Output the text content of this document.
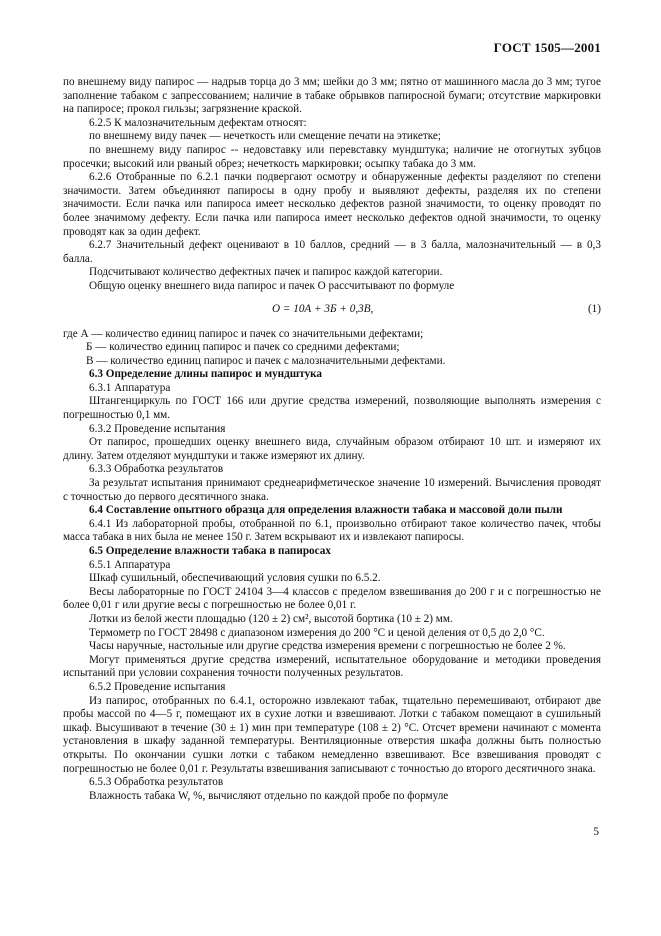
ГОСТ 1505—2001

по внешнему виду папирос — надрыв торца до 3 мм; шейки до 3 мм; пятно от машинного масла до 3 мм; тугое заполнение табаком с запрессованием; наличие в табаке обрывков папиросной бумаги; отсутствие маркировки на папиросе; прокол гильзы; загрязнение краской.

6.2.5 К малозначительным дефектам относят:

по внешнему виду пачек — нечеткость или смещение печати на этикетке;

по внешнему виду папирос -- недовставку или перевставку мундштука; наличие не отогнутых зубцов просечки; высокий или рваный обрез; нечеткость маркировки; осыпку табака до 3 мм.

6.2.6 Отобранные по 6.2.1 пачки подвергают осмотру и обнаруженные дефекты разделяют по степени значимости. Затем объединяют папиросы в одну пробу и выявляют дефекты, разделяя их по степени значимости. Если пачка или папироса имеет несколько дефектов разной значимости, то оценку проводят по более значимому дефекту. Если пачка или папироса имеет несколько дефектов одной значимости, то оценку проводят как за один дефект.

6.2.7 Значительный дефект оценивают в 10 баллов, средний — в 3 балла, малозначительный — в 0,3 балла.

Подсчитывают количество дефектных пачек и папирос каждой категории.

Общую оценку внешнего вида папирос и пачек О рассчитывают по формуле

О = 10А + 3Б + 0,3В,	(1)

где А — количество единиц папирос и пачек со значительными дефектами;

Б — количество единиц папирос и пачек со средними дефектами;

В — количество единиц папирос и пачек с малозначительными дефектами.

6.3 Определение длины папирос и мундштука

6.3.1 Аппаратура

Штангенциркуль по ГОСТ 166 или другие средства измерений, позволяющие выполнять измерения с погрешностью 0,1 мм.

6.3.2 Проведение испытания

От папирос, прошедших оценку внешнего вида, случайным образом отбирают 10 шт. и измеряют их длину. Затем отделяют мундштуки и также измеряют их длину.

6.3.3 Обработка результатов

За результат испытания принимают среднеарифметическое значение 10 измерений. Вычисления проводят с точностью до первого десятичного знака.

6.4 Составление опытного образца для определения влажности табака и массовой доли пыли

6.4.1 Из лабораторной пробы, отобранной по 6.1, произвольно отбирают такое количество пачек, чтобы масса табака в них была не менее 150 г. Затем вскрывают их и извлекают папиросы.

6.5 Определение влажности табака в папиросах

6.5.1 Аппаратура

Шкаф сушильный, обеспечивающий условия сушки по 6.5.2.

Весы лабораторные по ГОСТ 24104 3—4 классов с пределом взвешивания до 200 г и с погрешностью не более 0,01 г или другие весы с погрешностью не более 0,01 г.

Лотки из белой жести площадью (120 ± 2) см², высотой бортика (10 ± 2) мм.

Термометр по ГОСТ 28498 с диапазоном измерения до 200 °С и ценой деления от 0,5 до 2,0 °С.

Часы наручные, настольные или другие средства измерения времени с погрешностью не более 2 %.

Могут применяться другие средства измерений, испытательное оборудование и методики проведения испытаний при условии сохранения точности полученных результатов.

6.5.2 Проведение испытания

Из папирос, отобранных по 6.4.1, осторожно извлекают табак, тщательно перемешивают, отбирают две пробы массой по 4—5 г, помещают их в сухие лотки и взвешивают. Лотки с табаком помещают в сушильный шкаф. Высушивают в течение (30 ± 1) мин при температуре (108 ± 2) °С. Отсчет времени начинают с момента установления в шкафу заданной температуры. Вентиляционные отверстия шкафа должны быть полностью открыты. По окончании сушки лотки с табаком немедленно взвешивают. Все взвешивания проводят с погрешностью не более 0,01 г. Результаты взвешивания записывают с точностью до второго десятичного знака.

6.5.3 Обработка результатов

Влажность табака W, %, вычисляют отдельно по каждой пробе по формуле

5
